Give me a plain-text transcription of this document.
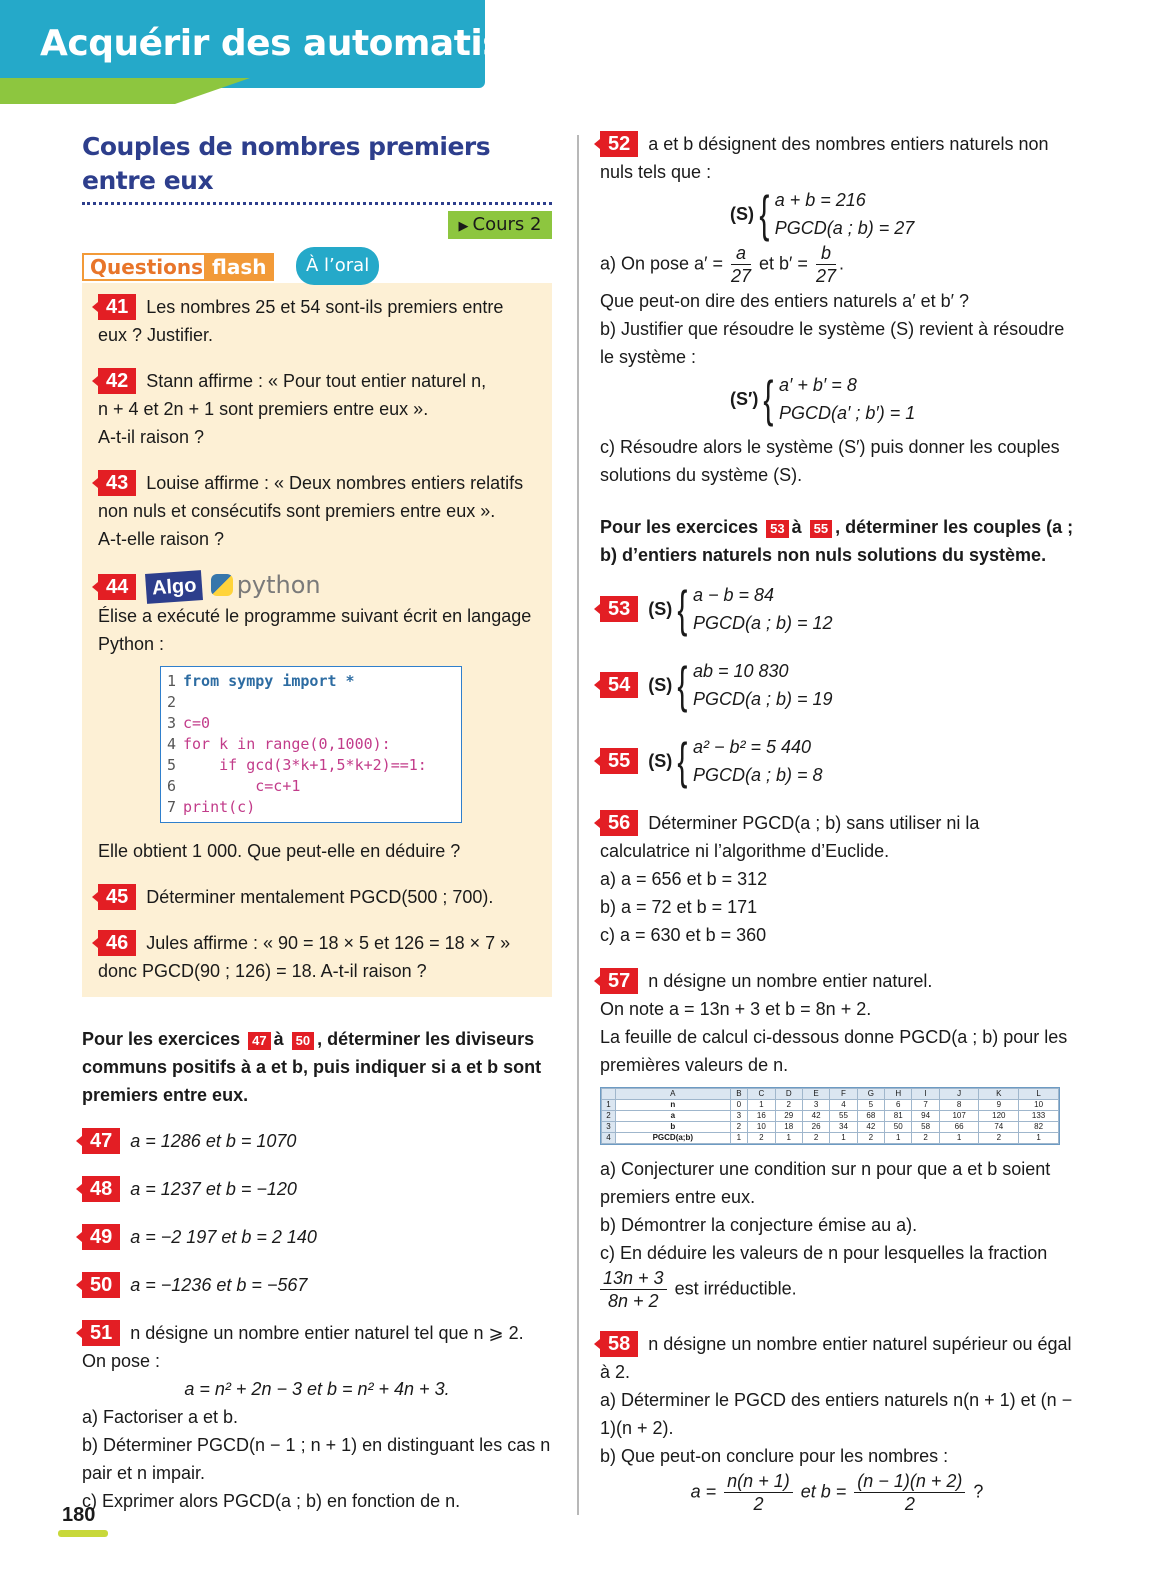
Acquérir des automatismes
Couples de nombres premiers entre eux
▶ Cours 2
Questions flash	À l’oral
41 Les nombres 25 et 54 sont-ils premiers entre eux ? Justifier.
42 Stann affirme : « Pour tout entier naturel n,
n + 4 et 2n + 1 sont premiers entre eux ».
A-t-il raison ?
43 Louise affirme : « Deux nombres entiers relatifs non nuls et consécutifs sont premiers entre eux ».
A-t-elle raison ?
44 Algo python
Élise a exécuté le programme suivant écrit en langage Python :
1 from sympy import *
2
3 c=0
4 for k in range(0,1000):
5    if gcd(3*k+1,5*k+2)==1:
6        c=c+1
7 print(c)
Elle obtient 1 000. Que peut-elle en déduire ?
45 Déterminer mentalement PGCD(500 ; 700).
46 Jules affirme : « 90 = 18 × 5 et 126 = 18 × 7 »
donc PGCD(90 ; 126) = 18. A-t-il raison ?
Pour les exercices 47 à 50 , déterminer les diviseurs communs positifs à a et b, puis indiquer si a et b sont premiers entre eux.
47 a = 1286 et b = 1070
48 a = 1237 et b = −120
49 a = −2 197 et b = 2 140
50 a = −1236 et b = −567
51 n désigne un nombre entier naturel tel que n ⩾ 2.
On pose :
a = n² + 2n − 3 et b = n² + 4n + 3.
a) Factoriser a et b.
b) Déterminer PGCD(n − 1 ; n + 1) en distinguant les cas n pair et n impair.
c) Exprimer alors PGCD(a ; b) en fonction de n.
52 a et b désignent des nombres entiers naturels non nuls tels que :
(S) { a + b = 216
PGCD(a ; b) = 27
a) On pose $a' = \frac{a}{27}$ et $b' = \frac{b}{27}$ .
Que peut-on dire des entiers naturels a′ et b′ ?
b) Justifier que résoudre le système (S) revient à résoudre le système :
(S′) { a′ + b′ = 8
PGCD(a′ ; b′) = 1
c) Résoudre alors le système (S′) puis donner les couples solutions du système (S).
Pour les exercices 53 à 55 , déterminer les couples (a ; b) d’entiers naturels non nuls solutions du système.
53	(S) { a − b = 84
PGCD(a ; b) = 12
54	(S) { ab = 10 830
PGCD(a ; b) = 19
55	(S) { a² − b² = 5 440
PGCD(a ; b) = 8
56 Déterminer PGCD(a ; b) sans utiliser ni la calculatrice ni l’algorithme d’Euclide.
a) a = 656 et b = 312
b) a = 72 et b = 171
c) a = 630 et b = 360
57 n désigne un nombre entier naturel.
On note a = 13n + 3 et b = 8n + 2.
La feuille de calcul ci-dessous donne PGCD(a ; b) pour les premières valeurs de n.
	A	B	C	D	E	F	G	H	I	J	K	L
1	n	0	1	2	3	4	5	6	7	8	9	10
2	a	3	16	29	42	55	68	81	94	107	120	133
3	b	2	10	18	26	34	42	50	58	66	74	82
4	PGCD(a;b)	1	2	1	2	1	2	1	2	1	2	1
a) Conjecturer une condition sur n pour que a et b soient premiers entre eux.
b) Démontrer la conjecture émise au a).
c) En déduire les valeurs de n pour lesquelles la fraction
$\frac{13n + 3}{8n + 2}$ est irréductible.
58 n désigne un nombre entier naturel supérieur ou égal à 2.
a) Déterminer le PGCD des entiers naturels n(n + 1) et (n − 1)(n + 2).
b) Que peut-on conclure pour les nombres :
$a = \frac{n(n + 1)}{2}$ et $b = \frac{(n - 1)(n + 2)}{2}$ ?
180
